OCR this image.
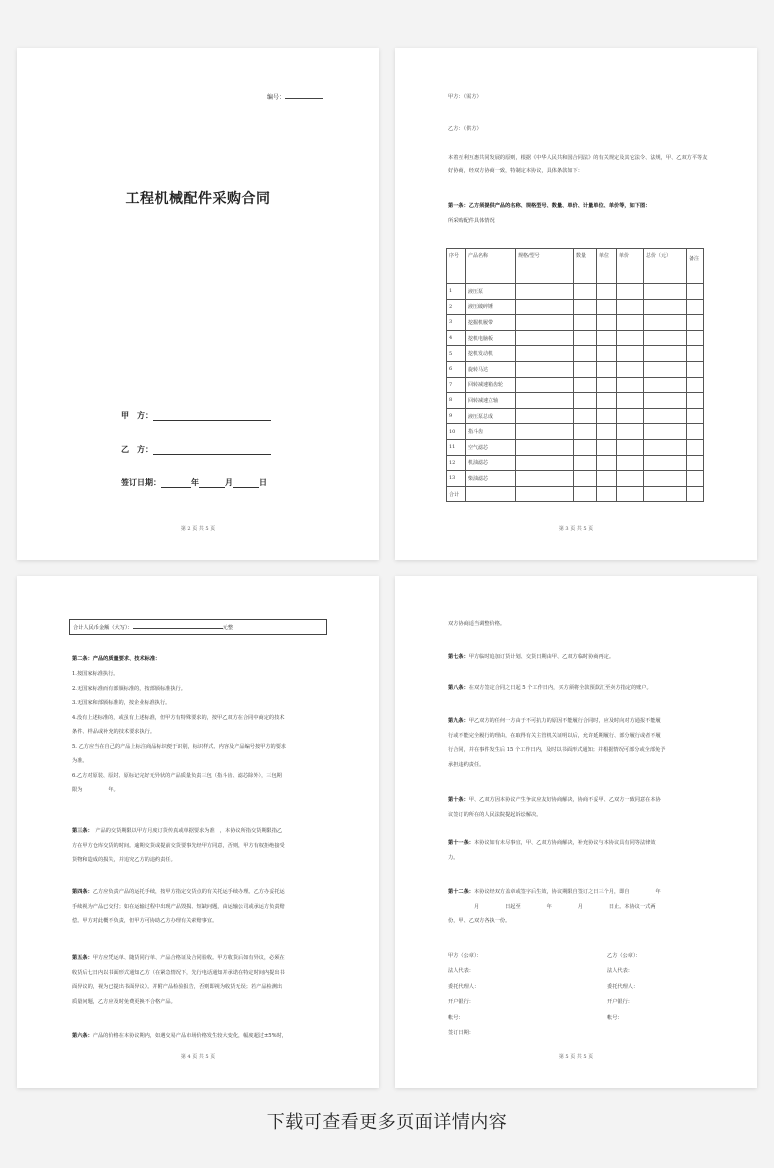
编号：
工程机械配件采购合同
甲　方：
乙　方：
签订日期：	年	月	日
第 2 页 共 5 页
甲方：（需方）
乙方：（供方）
本着互利互惠共同发展的原则，根据《中华人民共和国合同法》的有关规定及其它法令、法规，甲、乙双方平等友好协商，经双方协商一致，特制定本协议，具体条款如下：
第一条：乙方须提供产品的名称、规格型号、数量、单价、计量单位、单价等，如下图：
所采购配件具体情况
序号	产品名称	规格/型号	数量	单位	单价	总价（元）	备注
1	液压泵						
2	液压破碎锤						
3	挖掘机履带						
4	挖机电脑板						
5	挖机发动机						
6	旋转马达						
7	回转减速箱齿轮						
8	回转减速立轴						
9	液压泵总成						
10	指斗齿						
11	空气滤芯						
12	机油滤芯						
13	柴油滤芯						
合计							
第 3 页 共 5 页
合计人民币金额（大写）：	元整
第二条：产品的质量要求、技术标准：
1.按国家标准执行。
2.无国家标准而有部颁标准的，按部颁标准执行。
3.无国家和部颁标准的，按企业标准执行。
4.没有上述标准的，或虽有上述标准，但甲方有特殊要求的，按甲乙双方在合同中商定的技术
条件、样品或补充的技术要求执行。
5. 乙方应当在自己的产品上标注商品标识便于识别，标识样式、内容及产品编号按甲方的要求
为准。
6.乙方对原装、原封、原标记完好无异状的产品质量负责三包（指斗齿、滤芯除外），三包期
限为　　　　　年。
第三条：　产品的交货期限以甲方月度订货传真或单据要求为准　，本协议所指交货期限指乙
方在甲方仓库交货的时间。逾期交货或提前交货要事先经甲方同意，否则，甲方有权拒绝接受
货物和造成的损失，并追究乙方的违约责任。
第四条：乙方应负责产品的运托手续，按甲方指定交货点的有关托运手续办理。乙方办妥托运
手续视为产品已交付；如在运输过程中出现产品毁损、短缺问题，由运输公司或承运方负责赔
偿。甲方对此概不负责，但甲方可协助乙方办理有关索赔事宜。
第五条：甲方应凭运单、随货同行单、产品合格证及合同验收。甲方收货后如有异议，必须在
收货后七日内以书面形式通知乙方（在紧急情况下，先行电话通知并承诺在特定时间内提出书
面异议的，视为已提出书面异议）。并附产品检验报告，否则即视为收货无误；若产品检测出
质量问题，乙方应及时免费更换不合格产品。
第六条：产品的价格在本协议期内，如遇交易产品市场价格发生较大变化，幅度超过±5%时，
第 4 页 共 5 页
双方协商适当调整价格。
第七条：甲方临时追加订货计划、交货日期由甲、乙双方临时协商再定。
第八条：在双方签定合同之日起 5 个工作日内，买方须将全款预款汇至卖方指定的账户。
第九条：甲乙双方的任何一方由于不可抗力的原因不能履行合同时，应及时向对方通报不能履
行或不能完全履行的理由，在取得有关主管机关证明以后，允许延期履行、部分履行或者不履
行合同，并在事件发生后 15 个工作日内，及时以书面形式通知；并根据情况可部分或全部免予
承担违约责任。
第十条：甲、乙双方因本协议产生争议应友好协商解决，协商不妥甲、乙双方一致同意在本协
议签订的所在的人民法院提起诉讼解决。
第十一条：本协议如有未尽事宜，甲、乙双方协商解决，补充协议与本协议具有同等法律效
力。
第十二条：本协议经双方盖章或签字后生效，协议期限自签订之日三个月，即自　　　　　年
　　　　　月　　　　　日起至　　　　　年　　　　　月　　　　　日止。本协议一式两
份，甲、乙双方各执一份。
甲方（公章）：
法人代表：
委托代理人：
开户银行：
帐号：
签订日期：
乙方（公章）：
法人代表：
委托代理人：
开户银行：
帐号：
第 5 页 共 5 页
下载可查看更多页面详情内容
